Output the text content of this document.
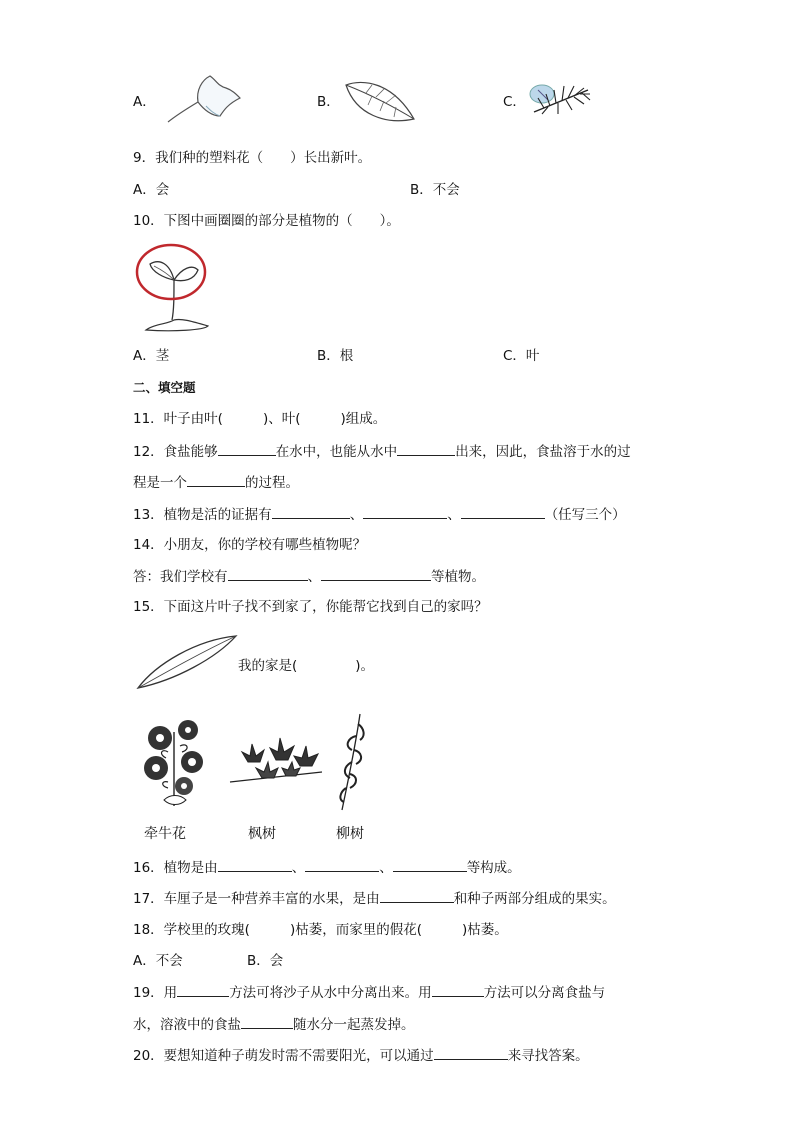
A．	B．	C．
9．我们种的塑料花（　　）长出新叶。
A．会	B．不会
10．下图中画圈圈的部分是植物的（　　）。
A．茎	B．根	C．叶
二、填空题
11．叶子由叶(	)、叶(	)组成。
12．食盐能够	在水中，也能从水中	出来，因此，食盐溶于水的过
程是一个	的过程。
13．植物是活的证据有	、	、	（任写三个）
14．小朋友，你的学校有哪些植物呢？
答：我们学校有	、	等植物。
15．下面这片叶子找不到家了，你能帮它找到自己的家吗？
我的家是(	)。
牵牛花	枫树	柳树
16．植物是由	、	、	等构成。
17．车厘子是一种营养丰富的水果，是由	和种子两部分组成的果实。
18．学校里的玫瑰(	)枯萎，而家里的假花(	)枯萎。
A．不会	B．会
19．用	方法可将沙子从水中分离出来。用	方法可以分离食盐与
水，溶液中的食盐	随水分一起蒸发掉。
20．要想知道种子萌发时需不需要阳光，可以通过	来寻找答案。
